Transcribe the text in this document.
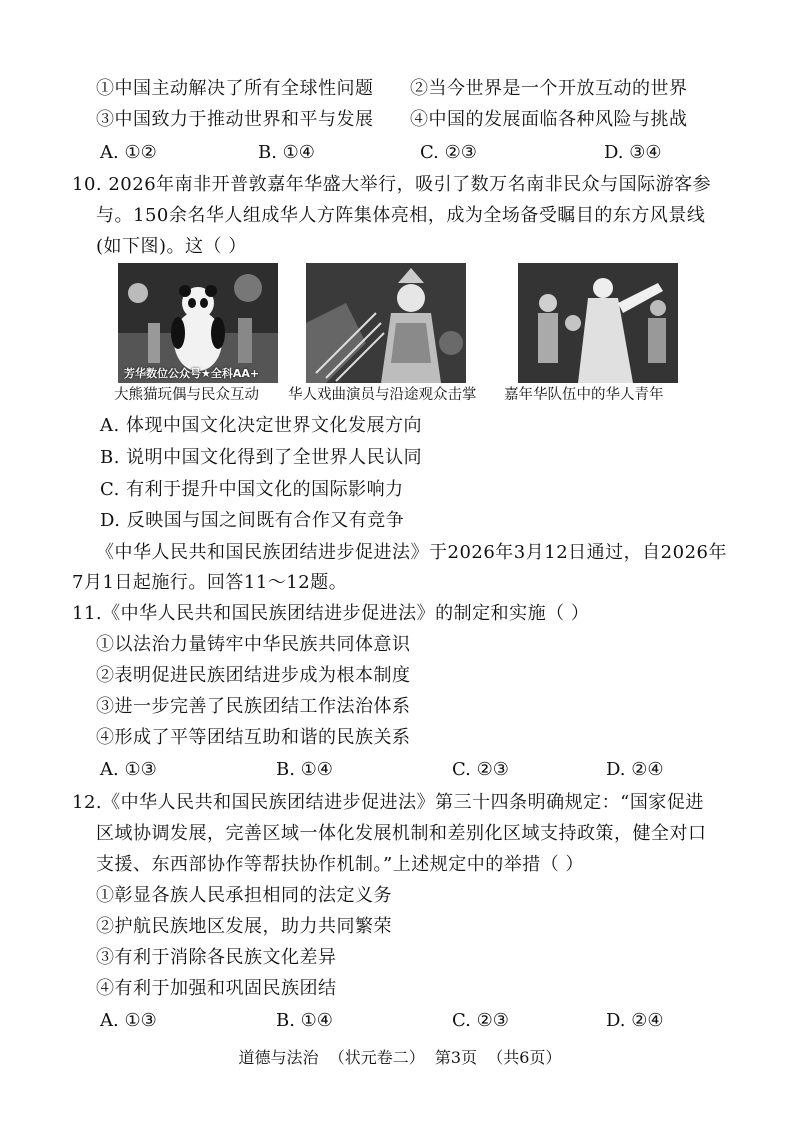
①中国主动解决了所有全球性问题 ②当今世界是一个开放互动的世界
③中国致力于推动世界和平与发展 ④中国的发展面临各种风险与挑战
A. ①②	B. ①④	C. ②③	D. ③④
10. 2026年南非开普敦嘉年华盛大举行，吸引了数万名南非民众与国际游客参
与。150余名华人组成华人方阵集体亮相，成为全场备受瞩目的东方风景线
(如下图)。这（ ）
芳华数位公众号★全科AA+
大熊猫玩偶与民众互动 华人戏曲演员与沿途观众击掌 嘉年华队伍中的华人青年
A. 体现中国文化决定世界文化发展方向
B. 说明中国文化得到了全世界人民认同
C. 有利于提升中国文化的国际影响力
D. 反映国与国之间既有合作又有竞争
《中华人民共和国民族团结进步促进法》于2026年3月12日通过，自2026年
7月1日起施行。回答11～12题。
11.《中华人民共和国民族团结进步促进法》的制定和实施（ ）
①以法治力量铸牢中华民族共同体意识
②表明促进民族团结进步成为根本制度
③进一步完善了民族团结工作法治体系
④形成了平等团结互助和谐的民族关系
A. ①③	B. ①④	C. ②③	D. ②④
12.《中华人民共和国民族团结进步促进法》第三十四条明确规定：“国家促进
区域协调发展，完善区域一体化发展机制和差别化区域支持政策，健全对口
支援、东西部协作等帮扶协作机制。”上述规定中的举措（ ）
①彰显各族人民承担相同的法定义务
②护航民族地区发展，助力共同繁荣
③有利于消除各民族文化差异
④有利于加强和巩固民族团结
A. ①③	B. ①④	C. ②③	D. ②④
道德与法治  （状元卷二）  第3页  （共6页）
